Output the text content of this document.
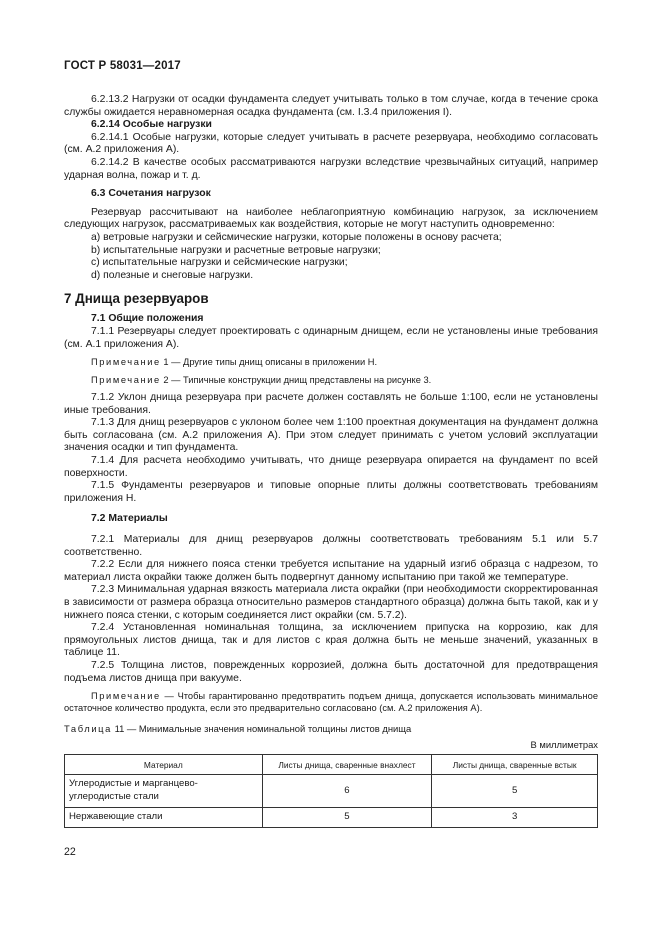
ГОСТ Р 58031—2017

6.2.13.2 Нагрузки от осадки фундамента следует учитывать только в том случае, когда в течение срока службы ожидается неравномерная осадка фундамента (см. I.3.4 приложения I).

6.2.14 Особые нагрузки

6.2.14.1 Особые нагрузки, которые следует учитывать в расчете резервуара, необходимо согласовать (см. А.2 приложения А).

6.2.14.2 В качестве особых рассматриваются нагрузки вследствие чрезвычайных ситуаций, например ударная волна, пожар и т. д.

6.3 Сочетания нагрузок

Резервуар рассчитывают на наиболее неблагоприятную комбинацию нагрузок, за исключением следующих нагрузок, рассматриваемых как воздействия, которые не могут наступить одновременно:

а) ветровые нагрузки и сейсмические нагрузки, которые положены в основу расчета;

b) испытательные нагрузки и расчетные ветровые нагрузки;

с) испытательные нагрузки и сейсмические нагрузки;

d) полезные и снеговые нагрузки.

7 Днища резервуаров

7.1 Общие положения

7.1.1 Резервуары следует проектировать с одинарным днищем, если не установлены иные требования (см. А.1 приложения А).

Примечание 1 — Другие типы днищ описаны в приложении Н.

Примечание 2 — Типичные конструкции днищ представлены на рисунке 3.

7.1.2 Уклон днища резервуара при расчете должен составлять не больше 1:100, если не установлены иные требования.

7.1.3 Для днищ резервуаров с уклоном более чем 1:100 проектная документация на фундамент должна быть согласована (см. А.2 приложения А). При этом следует принимать с учетом условий эксплуатации значения осадки и тип фундамента.

7.1.4 Для расчета необходимо учитывать, что днище резервуара опирается на фундамент по всей поверхности.

7.1.5 Фундаменты резервуаров и типовые опорные плиты должны соответствовать требованиям приложения Н.

7.2 Материалы

7.2.1 Материалы для днищ резервуаров должны соответствовать требованиям 5.1 или 5.7 соответственно.

7.2.2 Если для нижнего пояса стенки требуется испытание на ударный изгиб образца с надрезом, то материал листа окрайки также должен быть подвергнут данному испытанию при такой же температуре.

7.2.3 Минимальная ударная вязкость материала листа окрайки (при необходимости скорректированная в зависимости от размера образца относительно размеров стандартного образца) должна быть такой, как и у нижнего пояса стенки, с которым соединяется лист окрайки (см. 5.7.2).

7.2.4 Установленная номинальная толщина, за исключением припуска на коррозию, как для прямоугольных листов днища, так и для листов с края должна быть не меньше значений, указанных в таблице 11.

7.2.5 Толщина листов, поврежденных коррозией, должна быть достаточной для предотвращения подъема листов днища при вакууме.

Примечание — Чтобы гарантированно предотвратить подъем днища, допускается использовать минимальное остаточное количество продукта, если это предварительно согласовано (см. А.2 приложения А).

Таблица 11 — Минимальные значения номинальной толщины листов днища
В миллиметрах
Материал	Листы днища, сваренные внахлест	Листы днища, сваренные встык
Углеродистые и марганцево-углеродистые стали	6	5
Нержавеющие стали	5	3
22
